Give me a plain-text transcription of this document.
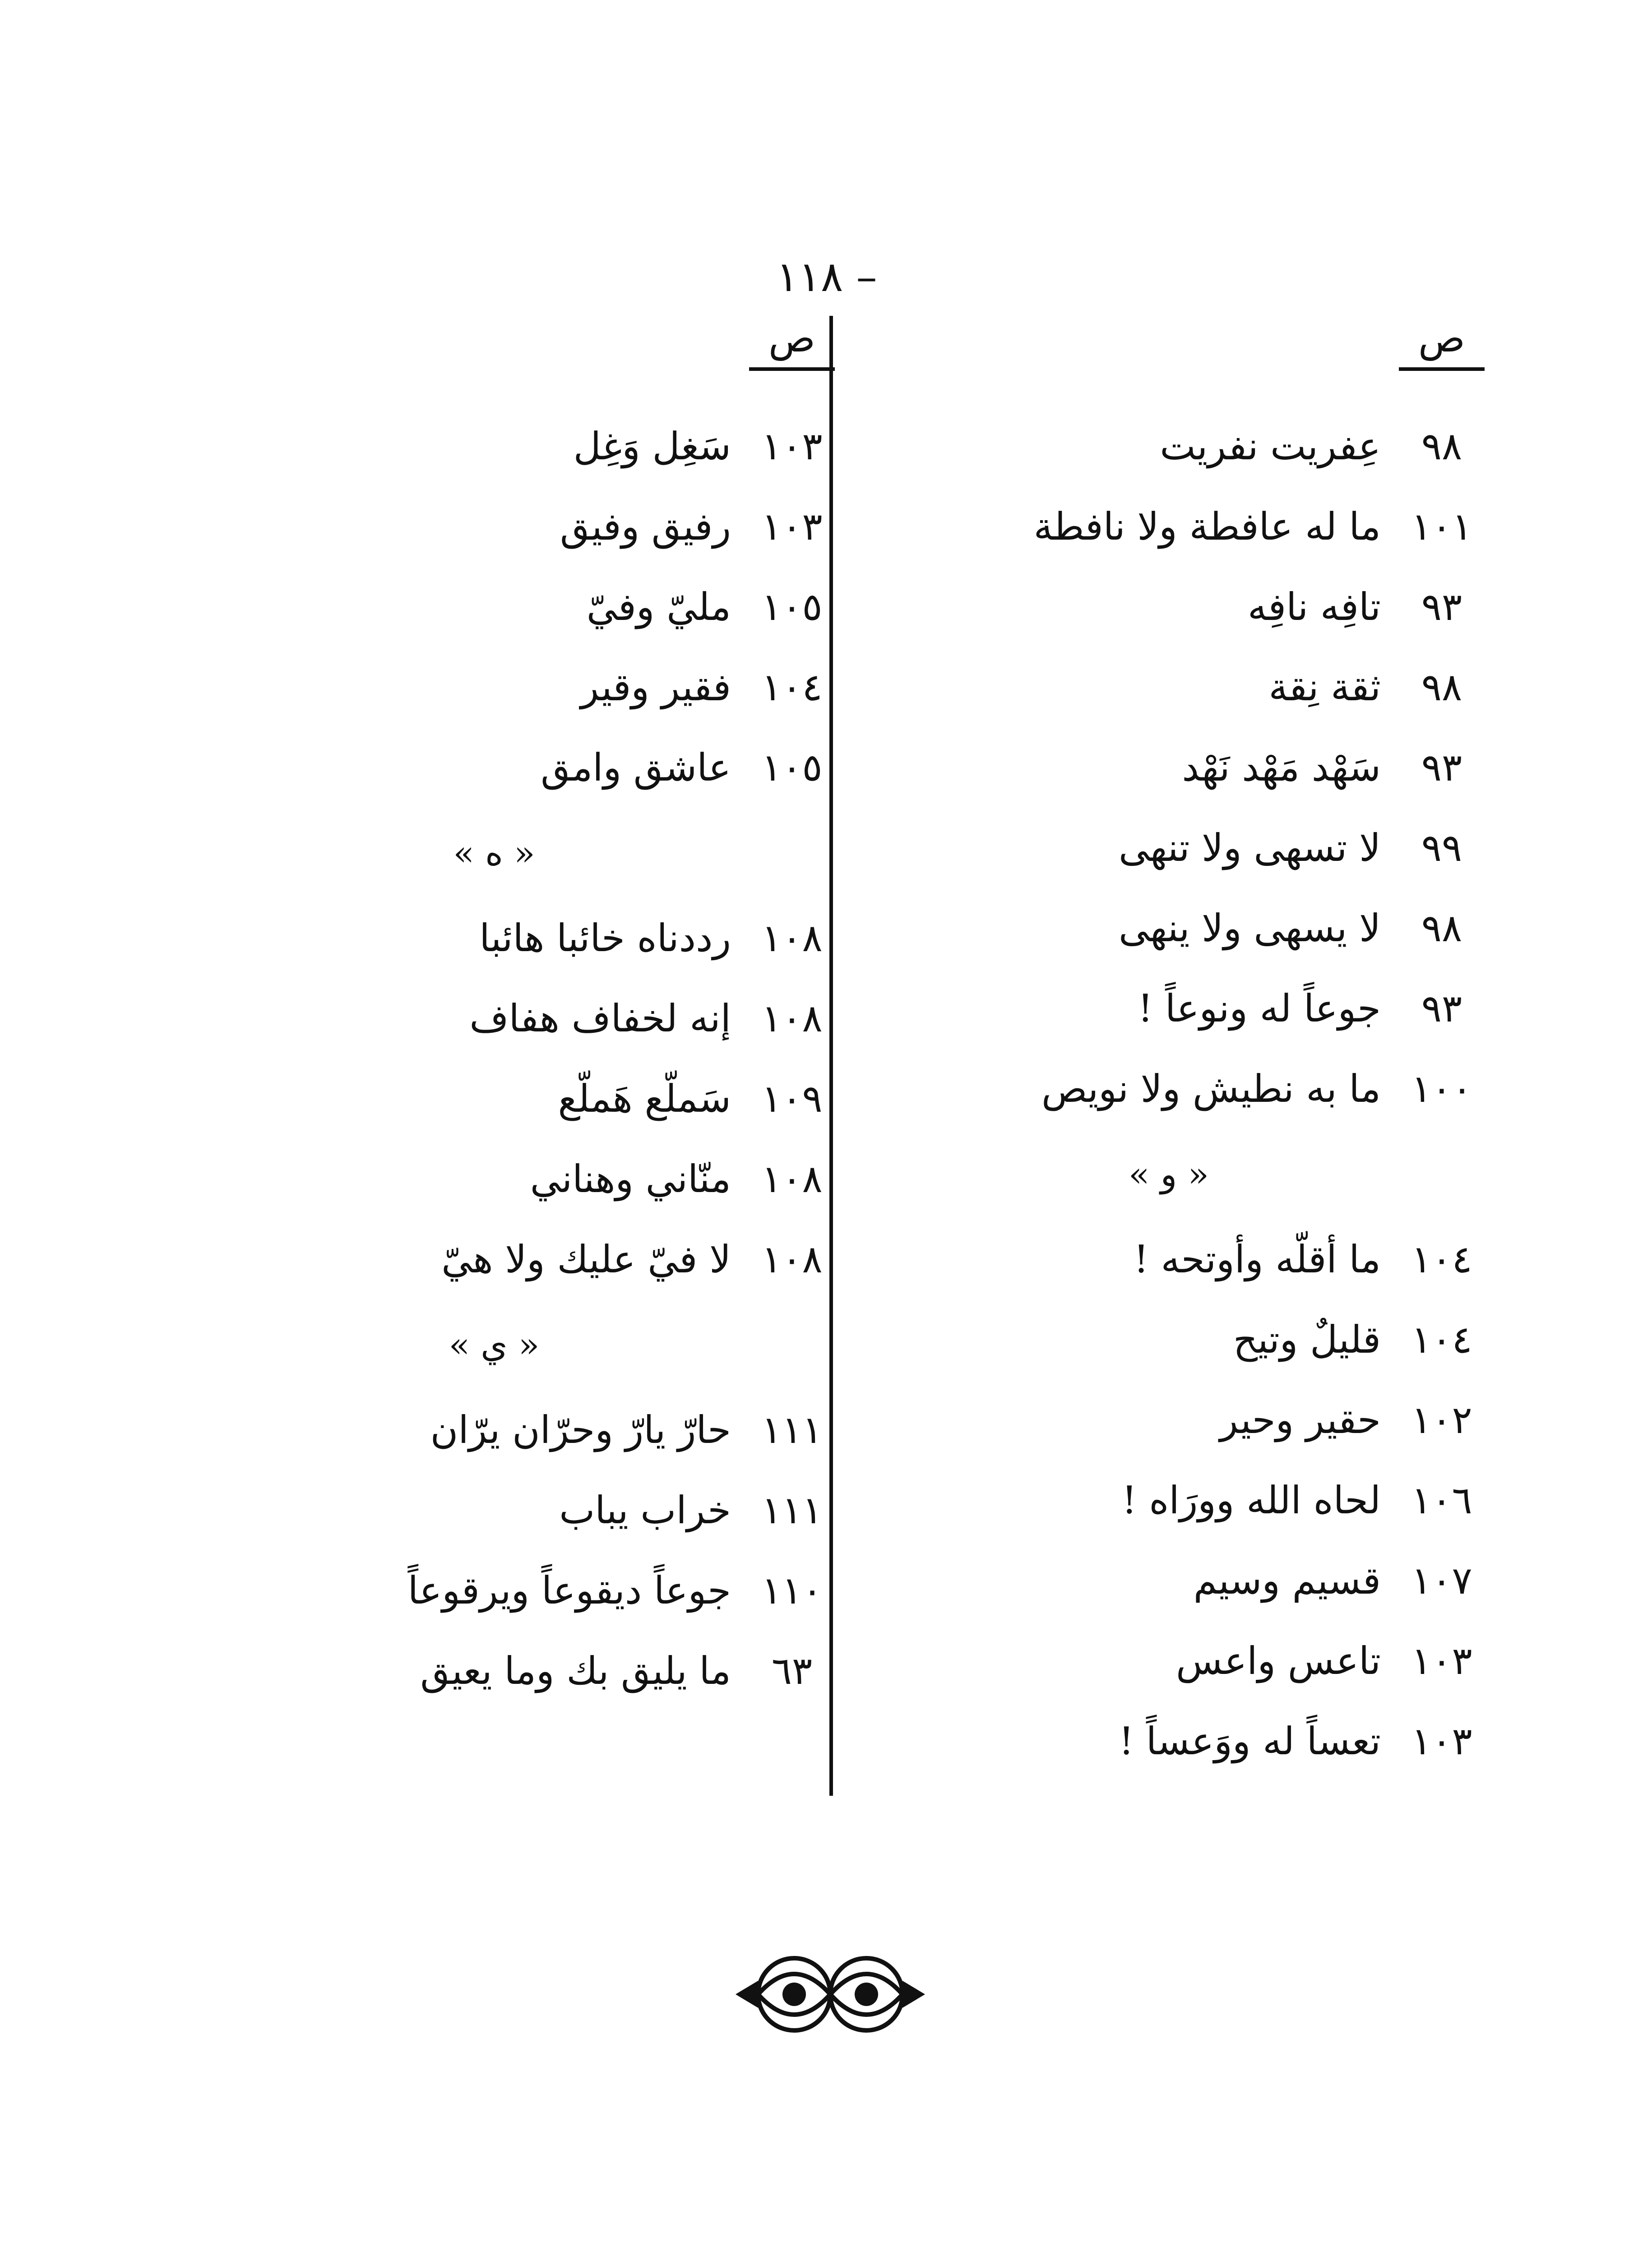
– ١١٨
ص
٩٨
عِفريت نفريت
١٠١
ما له عافطة ولا نافطة
٩٣
تافِه نافِه
٩٨
ثقة نِقة
٩٣
سَهْد مَهْد نَهْد
٩٩
لا تسهى ولا تنهى
٩٨
لا يسهى ولا ينهى
٩٣
جوعاً له ونوعاً !
١٠٠
ما به نطيش ولا نويص
« و »
١٠٤
ما أقلّه وأوتحه !
١٠٤
قليلٌ وتيح
١٠٢
حقير وحير
١٠٦
لحاه الله وورَاه !
١٠٧
قسيم وسيم
١٠٣
تاعس واعس
١٠٣
تعساً له ووَعساً !
ص
١٠٣
سَغِل وَغِل
١٠٣
رفيق وفيق
١٠٥
مليّ وفيّ
١٠٤
فقير وقير
١٠٥
عاشق وامق
« ه »
١٠٨
رددناه خائبا هائبا
١٠٨
إنه لخفاف هفاف
١٠٩
سَملّع هَملّع
١٠٨
منّاني وهناني
١٠٨
لا فيّ عليك ولا هيّ
« ي »
١١١
حارّ يارّ وحرّان يرّان
١١١
خراب يباب
١١٠
جوعاً ديقوعاً ويرقوعاً
٦٣
ما يليق بك وما يعيق
